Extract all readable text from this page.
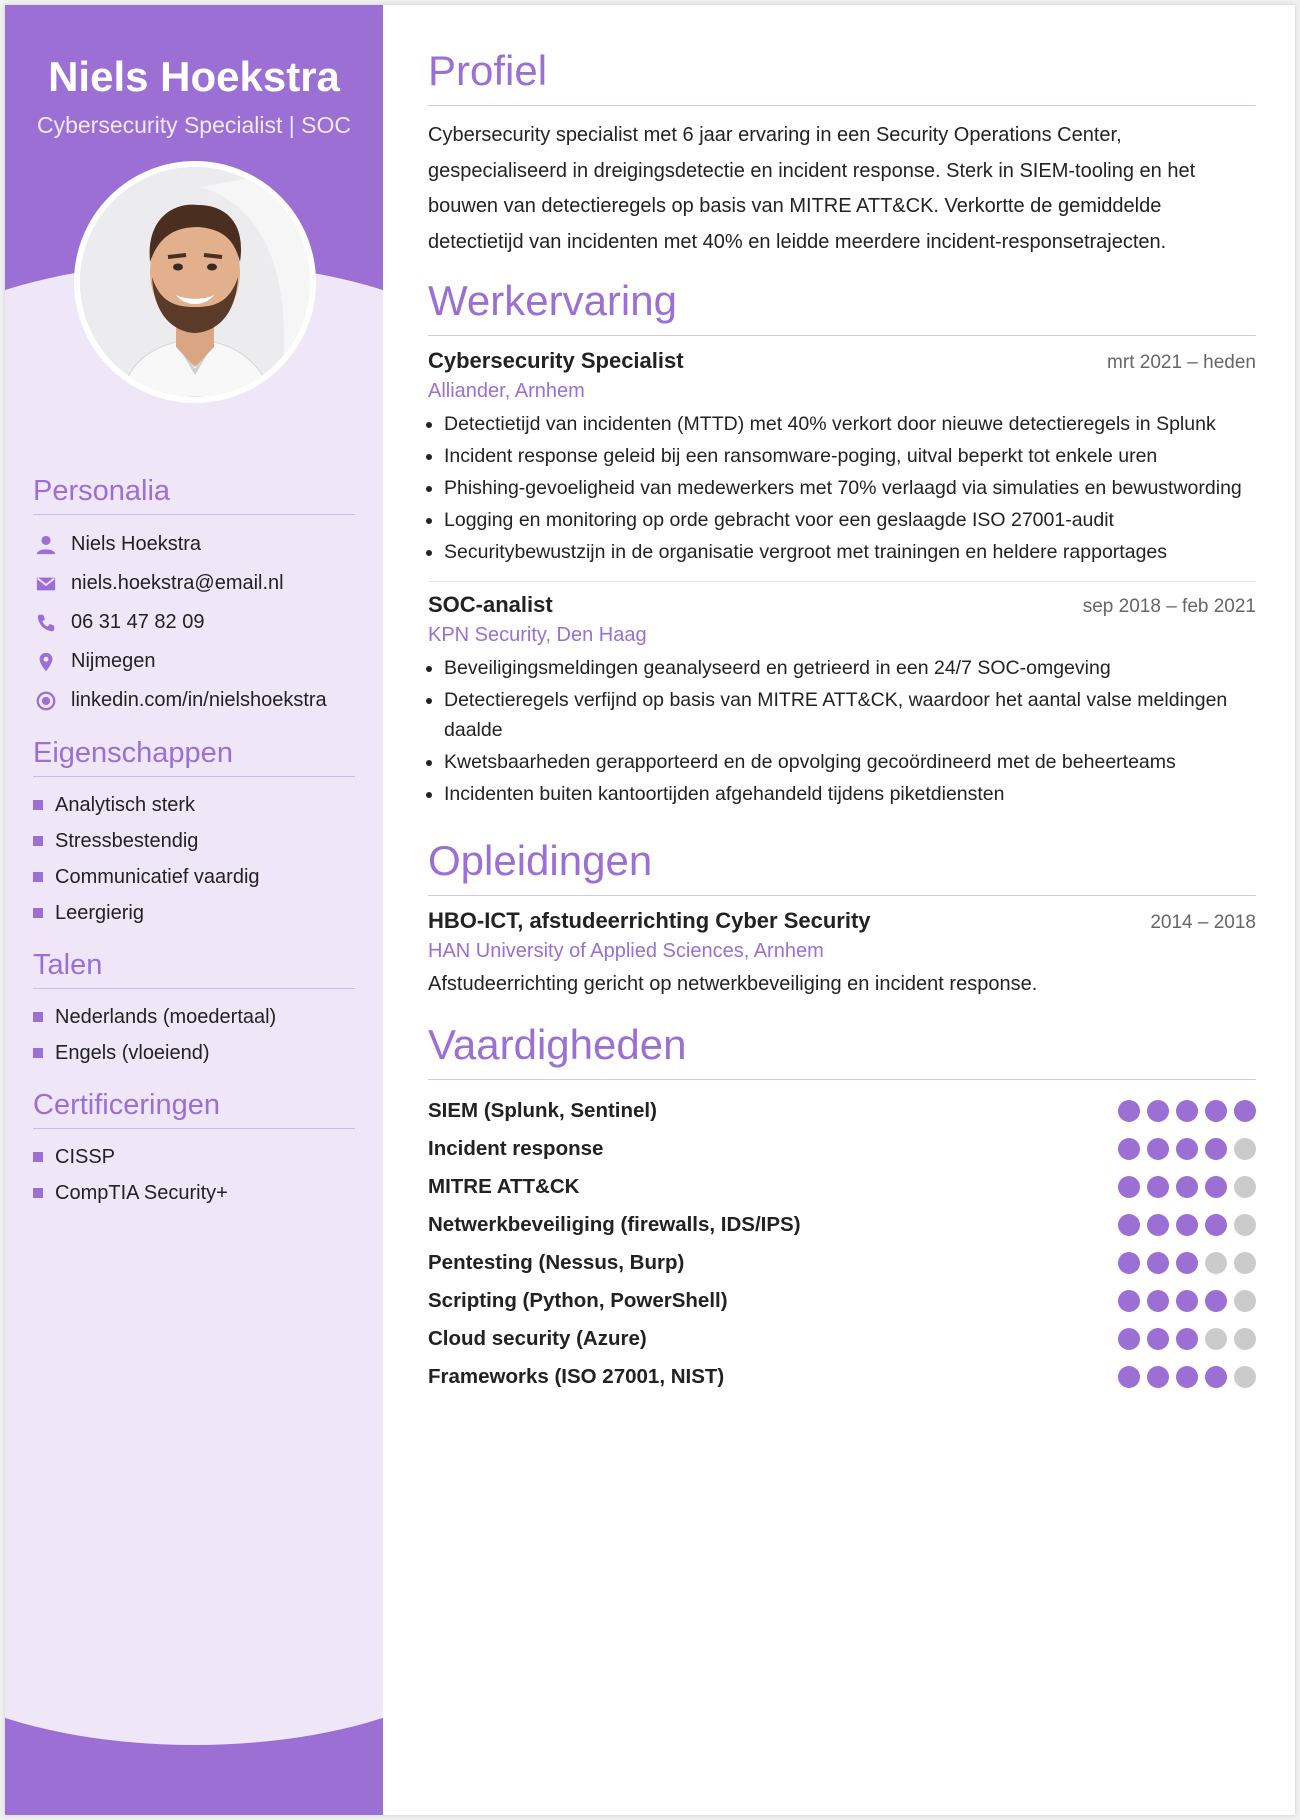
Niels Hoekstra
Cybersecurity Specialist | SOC
Personalia
Niels Hoekstra
niels.hoekstra@email.nl
06 31 47 82 09
Nijmegen
linkedin.com/in/nielshoekstra
Eigenschappen
Analytisch sterk
Stressbestendig
Communicatief vaardig
Leergierig
Talen
Nederlands (moedertaal)
Engels (vloeiend)
Certificeringen
CISSP
CompTIA Security+
Profiel
Cybersecurity specialist met 6 jaar ervaring in een Security Operations Center,
gespecialiseerd in dreigingsdetectie en incident response. Sterk in SIEM-tooling en het
bouwen van detectieregels op basis van MITRE ATT&CK. Verkortte de gemiddelde
detectietijd van incidenten met 40% en leidde meerdere incident-responsetrajecten.
Werkervaring
Cybersecurity Specialist	mrt 2021 – heden
Alliander, Arnhem
• Detectietijd van incidenten (MTTD) met 40% verkort door nieuwe detectieregels in Splunk
• Incident response geleid bij een ransomware-poging, uitval beperkt tot enkele uren
• Phishing-gevoeligheid van medewerkers met 70% verlaagd via simulaties en bewustwording
• Logging en monitoring op orde gebracht voor een geslaagde ISO 27001-audit
• Securitybewustzijn in de organisatie vergroot met trainingen en heldere rapportages
SOC-analist	sep 2018 – feb 2021
KPN Security, Den Haag
• Beveiligingsmeldingen geanalyseerd en getrieerd in een 24/7 SOC-omgeving
• Detectieregels verfijnd op basis van MITRE ATT&CK, waardoor het aantal valse meldingen daalde
• Kwetsbaarheden gerapporteerd en de opvolging gecoördineerd met de beheerteams
• Incidenten buiten kantoortijden afgehandeld tijdens piketdiensten
Opleidingen
HBO-ICT, afstudeerrichting Cyber Security	2014 – 2018
HAN University of Applied Sciences, Arnhem
Afstudeerrichting gericht op netwerkbeveiliging en incident response.
Vaardigheden
SIEM (Splunk, Sentinel)
Incident response
MITRE ATT&CK
Netwerkbeveiliging (firewalls, IDS/IPS)
Pentesting (Nessus, Burp)
Scripting (Python, PowerShell)
Cloud security (Azure)
Frameworks (ISO 27001, NIST)
